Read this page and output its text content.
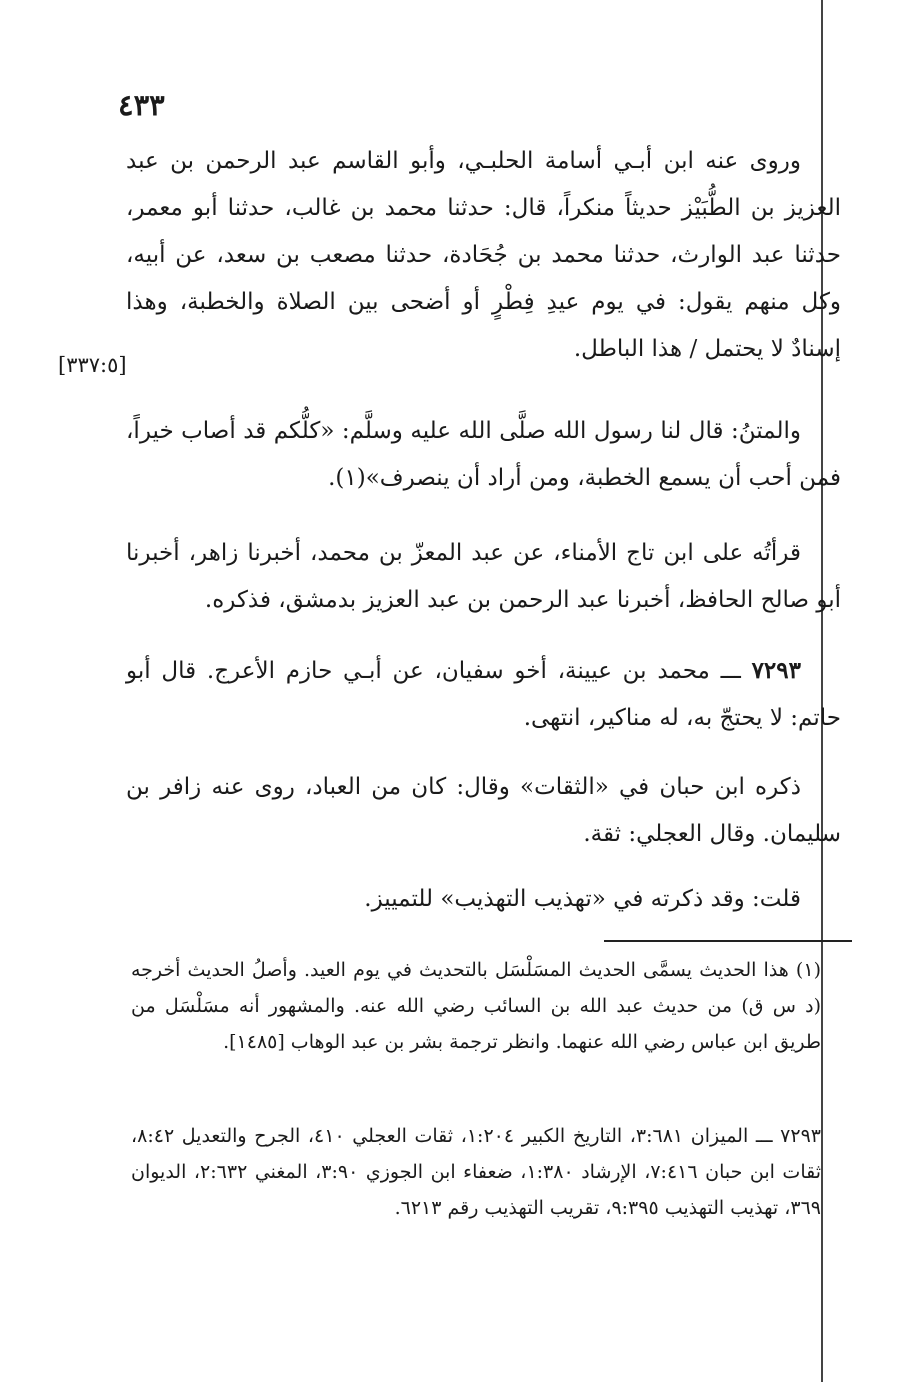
٤٣٣

وروى عنه ابن أبـي أسامة الحلبـي، وأبو القاسم عبد الرحمن بن عبد العزيز بن الطُّبَيْز حديثاً منكراً، قال: حدثنا محمد بن غالب، حدثنا أبو معمر، حدثنا عبد الوارث، حدثنا محمد بن جُحَادة، حدثنا مصعب بن سعد، عن أبيه، وكل منهم يقول: في يوم عيدِ فِطْرٍ أو أضحى بين الصلاة والخطبة، وهذا إسنادٌ لا يحتمل / هذا الباطل.

[٣٣٧:٥]

والمتنُ: قال لنا رسول الله صلَّى الله عليه وسلَّم: «كلُّكم قد أصاب خيراً، فمن أحب أن يسمع الخطبة، ومن أراد أن ينصرف»(١).

قرأتُه على ابن تاج الأمناء، عن عبد المعزّ بن محمد، أخبرنا زاهر، أخبرنا أبو صالح الحافظ، أخبرنا عبد الرحمن بن عبد العزيز بدمشق، فذكره.

٧٢٩٣ ـــ محمد بن عيينة، أخو سفيان، عن أبـي حازم الأعرج. قال أبو حاتم: لا يحتجّ به، له مناكير، انتهى.

ذكره ابن حبان في «الثقات» وقال: كان من العباد، روى عنه زافر بن سليمان. وقال العجلي: ثقة.

قلت: وقد ذكرته في «تهذيب التهذيب» للتمييز.

(١) هذا الحديث يسمَّى الحديث المسَلْسَل بالتحديث في يوم العيد. وأصلُ الحديث أخرجه (د س ق) من حديث عبد الله بن السائب رضي الله عنه. والمشهور أنه مسَلْسَل من طريق ابن عباس رضي الله عنهما. وانظر ترجمة بشر بن عبد الوهاب [١٤٨٥].

٧٢٩٣ ـــ الميزان ٣:٦٨١، التاريخ الكبير ١:٢٠٤، ثقات العجلي ٤١٠، الجرح والتعديل ٨:٤٢، ثقات ابن حبان ٧:٤١٦، الإرشاد ١:٣٨٠، ضعفاء ابن الجوزي ٣:٩٠، المغني ٢:٦٣٢، الديوان ٣٦٩، تهذيب التهذيب ٩:٣٩٥، تقريب التهذيب رقم ٦٢١٣.
